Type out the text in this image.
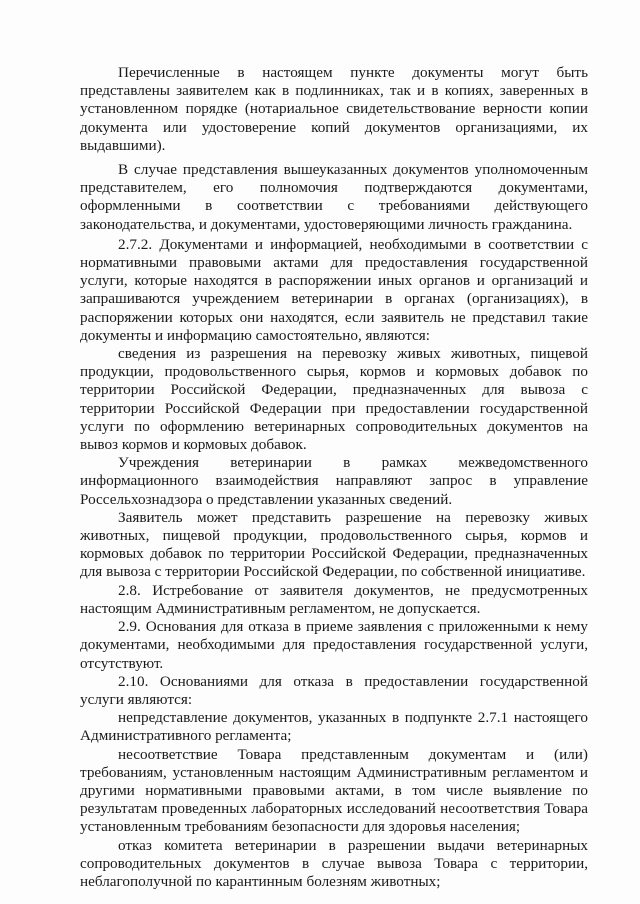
Перечисленные в настоящем пункте документы могут быть представлены заявителем как в подлинниках, так и в копиях, заверенных в установленном порядке (нотариальное свидетельствование верности копии документа или удостоверение копий документов организациями, их выдавшими).

В случае представления вышеуказанных документов уполномоченным представителем, его полномочия подтверждаются документами, оформленными в соответствии с требованиями действующего законодательства, и документами, удостоверяющими личность гражданина.

2.7.2. Документами и информацией, необходимыми в соответствии с нормативными правовыми актами для предоставления государственной услуги, которые находятся в распоряжении иных органов и организаций и запрашиваются учреждением ветеринарии в органах (организациях), в распоряжении которых они находятся, если заявитель не представил такие документы и информацию самостоятельно, являются:

сведения из разрешения на перевозку живых животных, пищевой продукции, продовольственного сырья, кормов и кормовых добавок по территории Российской Федерации, предназначенных для вывоза с территории Российской Федерации при предоставлении государственной услуги по оформлению ветеринарных сопроводительных документов на вывоз кормов и кормовых добавок.

Учреждения ветеринарии в рамках межведомственного информационного взаимодействия направляют запрос в управление Россельхознадзора о представлении указанных сведений.

Заявитель может представить разрешение на перевозку живых животных, пищевой продукции, продовольственного сырья, кормов и кормовых добавок по территории Российской Федерации, предназначенных для вывоза с территории Российской Федерации, по собственной инициативе.

2.8. Истребование от заявителя документов, не предусмотренных настоящим Административным регламентом, не допускается.

2.9. Основания для отказа в приеме заявления с приложенными к нему документами, необходимыми для предоставления государственной услуги, отсутствуют.

2.10. Основаниями для отказа в предоставлении государственной услуги являются:

непредставление документов, указанных в подпункте 2.7.1 настоящего Административного регламента;

несоответствие Товара представленным документам и (или) требованиям, установленным настоящим Административным регламентом и другими нормативными правовыми актами, в том числе выявление по результатам проведенных лабораторных исследований несоответствия Товара установленным требованиям безопасности для здоровья населения;

отказ комитета ветеринарии в разрешении выдачи ветеринарных сопроводительных документов в случае вывоза Товара с территории, неблагополучной по карантинным болезням животных;
